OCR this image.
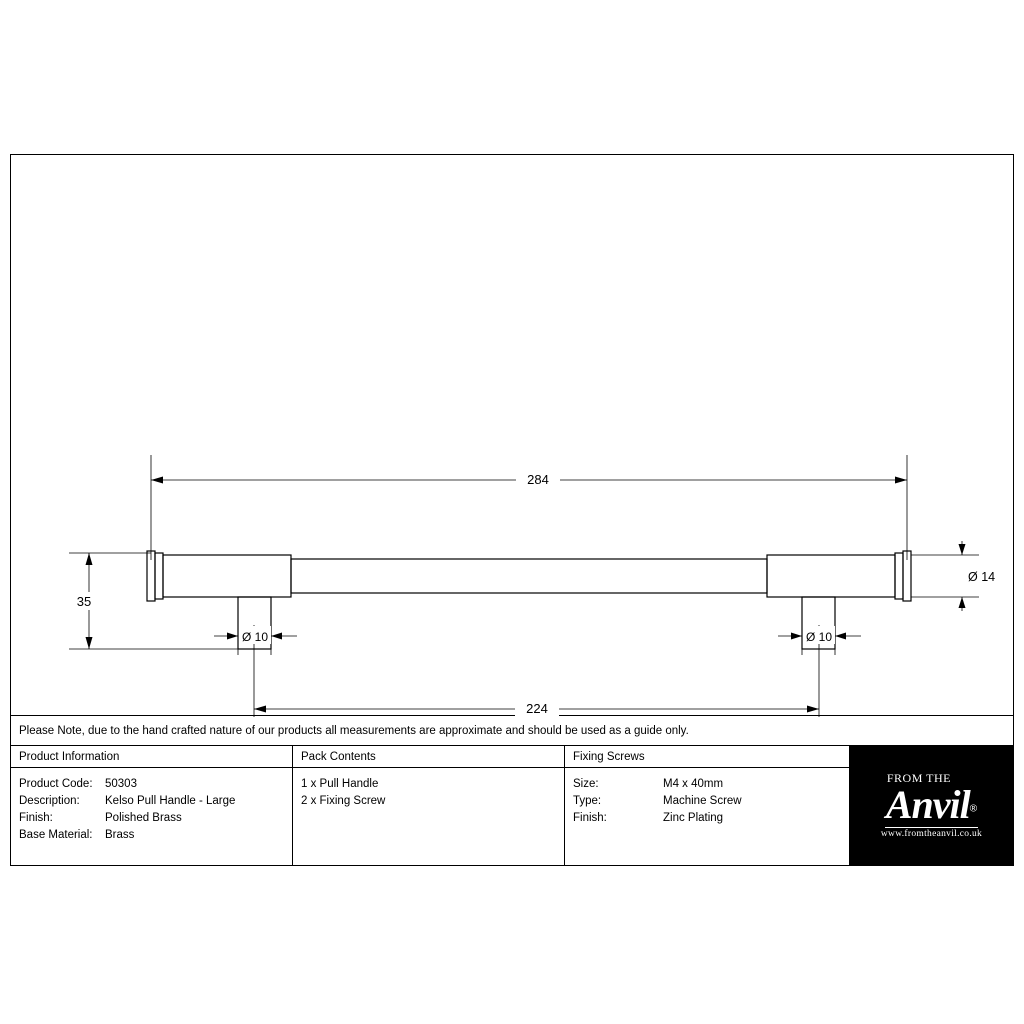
284
224
35
Ø 14
Ø 10	Ø 10
Please Note, due to the hand crafted nature of our products all measurements are approximate and should be used as a guide only.
Product Information
Product Code:	50303
Description:	Kelso Pull Handle - Large
Finish:	Polished Brass
Base Material:	Brass
Pack Contents
1 x Pull Handle
2 x Fixing Screw
Fixing Screws
Size:	M4 x 40mm
Type:	Machine Screw
Finish:	Zinc Plating
FROM THE
Anvil®
www.fromtheanvil.co.uk
